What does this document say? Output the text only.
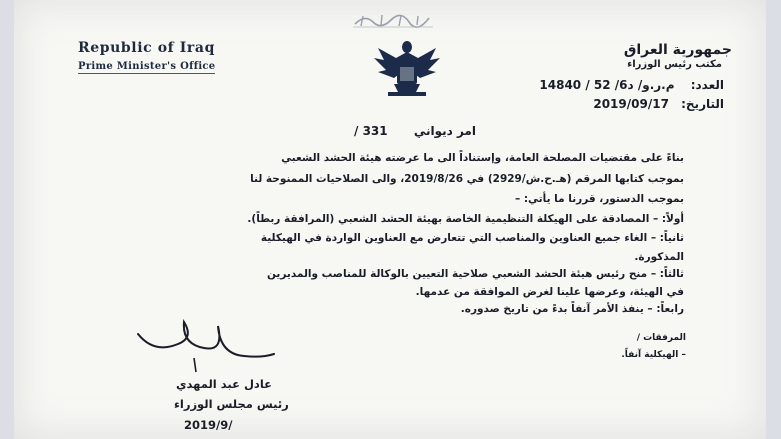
Republic of Iraq
Prime Minister's Office
جمهورية العراق
مكتب رئيس الوزراء
العدد: م.ر.و/ د6/ 52 / 14840
التاريخ: 2019/09/17
امر ديواني 331 /
بناءً على مقتضيات المصلحة العامة، وإستناداً الى ما عرضته هيئة الحشد الشعبي
بموجب كتابها المرقم (هـ.ح.ش/2929) في 2019/8/26، والى الصلاحيات الممنوحة لنا
بموجب الدستور، قررنا ما يأتي: –
أولاً: – المصادقة على الهيكلة التنظيمية الخاصة بهيئة الحشد الشعبي (المرافقة ربطاً).
ثانياً: – الغاء جميع العناوين والمناصب التي تتعارض مع العناوين الواردة في الهيكلية
المذكورة.
ثالثاً: – منح رئيس هيئة الحشد الشعبي صلاحية التعيين بالوكالة للمناصب والمديرين
في الهيئة، وعرضها علينا لغرض الموافقة من عدمها.
رابعاً: – ينفذ الأمر آنفاً بدءً من تاريخ صدوره.
المرفقات /
– الهيكلية آنفاً.
عادل عبد المهدي
رئيس مجلس الوزراء
2019/9/
